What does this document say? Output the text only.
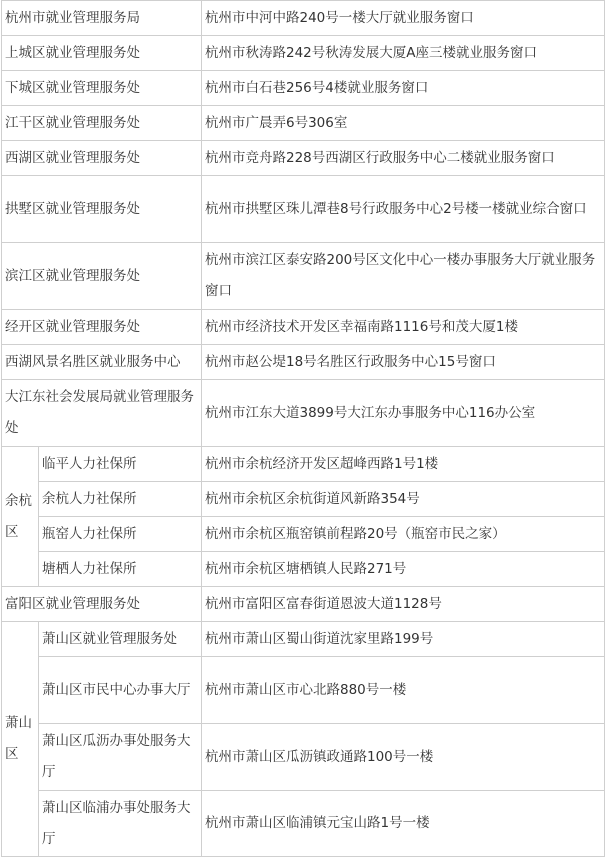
杭州市就业管理服务局		杭州市中河中路240号一楼大厅就业服务窗口
上城区就业管理服务处		杭州市秋涛路242号秋涛发展大厦A座三楼就业服务窗口
下城区就业管理服务处		杭州市白石巷256号4楼就业服务窗口
江干区就业管理服务处		杭州市广晨弄6号306室
西湖区就业管理服务处		杭州市竞舟路228号西湖区行政服务中心二楼就业服务窗口
拱墅区就业管理服务处		杭州市拱墅区珠儿潭巷8号行政服务中心2号楼一楼就业综合窗口
滨江区就业管理服务处		杭州市滨江区泰安路200号区文化中心一楼办事服务大厅就业服务窗口
经开区就业管理服务处		杭州市经济技术开发区幸福南路1116号和茂大厦1楼
西湖风景名胜区就业服务中心		杭州市赵公堤18号名胜区行政服务中心15号窗口
大江东社会发展局就业管理服务处		杭州市江东大道3899号大江东办事服务中心116办公室
余杭区	临平人力社保所	杭州市余杭经济开发区超峰西路1号1楼
	余杭人力社保所	杭州市余杭区余杭街道风新路354号
	瓶窑人力社保所	杭州市余杭区瓶窑镇前程路20号（瓶窑市民之家）
	塘栖人力社保所	杭州市余杭区塘栖镇人民路271号
富阳区就业管理服务处		杭州市富阳区富春街道恩波大道1128号
萧山区	萧山区就业管理服务处	杭州市萧山区蜀山街道沈家里路199号
	萧山区市民中心办事大厅	杭州市萧山区市心北路880号一楼
	萧山区瓜沥办事处服务大厅	杭州市萧山区瓜沥镇政通路100号一楼
	萧山区临浦办事处服务大厅	杭州市萧山区临浦镇元宝山路1号一楼
